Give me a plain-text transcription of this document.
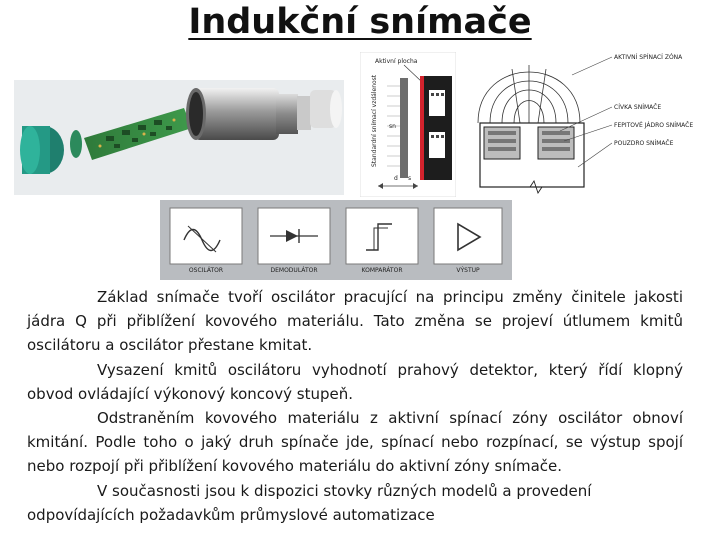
Indukční snímače
Aktivní plocha
Standardní snímací vzdálenost sn
d s
AKTIVNÍ SPÍNACÍ ZÓNA
CÍVKA SNÍMAČE
FEPITOVÉ JÁDRO SNÍMAČE
POUZDRO SNÍMAČE
OSCILÁTOR	DEMODULÁTOR	KOMPARÁTOR	VÝSTUP

Základ snímače tvoří oscilátor pracující na principu změny činitele jakosti jádra Q při přiblížení kovového materiálu. Tato změna se projeví útlumem kmitů oscilátoru a oscilátor přestane kmitat.

Vysazení kmitů oscilátoru vyhodnotí prahový detektor, který řídí klopný obvod ovládající výkonový koncový stupeň.

Odstraněním kovového materiálu z aktivní spínací zóny oscilátor obnoví kmitání. Podle toho o jaký druh spínače jde, spínací nebo rozpínací, se výstup spojí nebo rozpojí při přiblížení kovového materiálu do aktivní zóny snímače.

V současnosti jsou k dispozici stovky různých modelů a provedení odpovídajících požadavkům průmyslové automatizace
